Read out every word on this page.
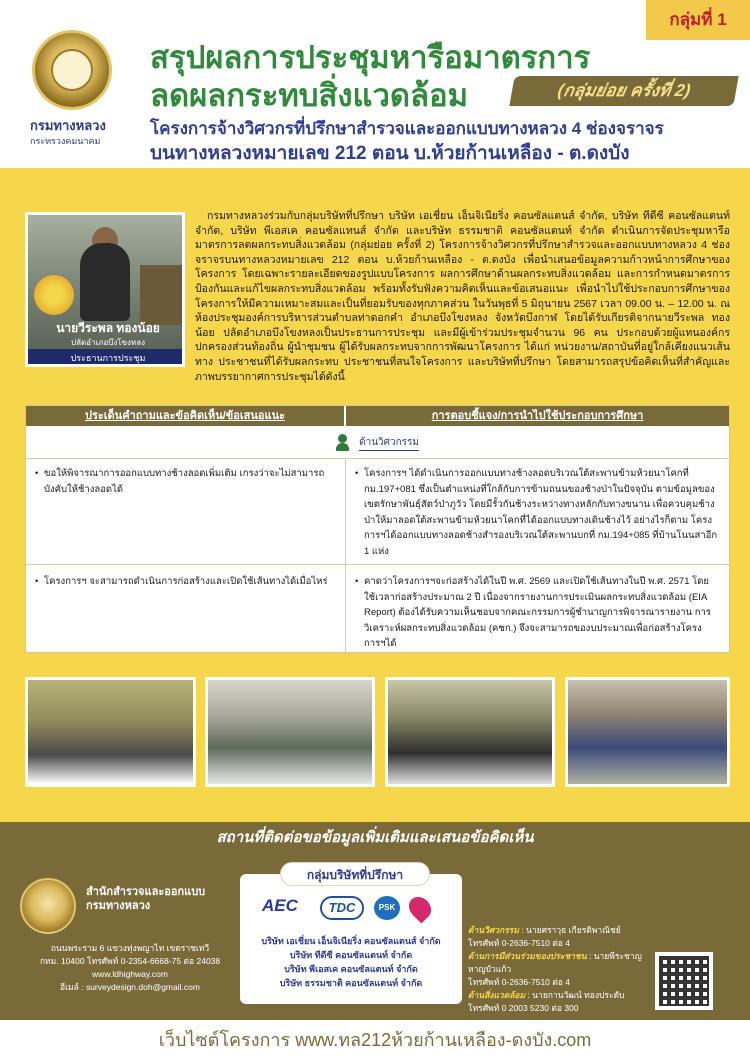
กรมทางหลวง
กระทรวงคมนาคม
กลุ่มที่ 1
สรุปผลการประชุมหารือมาตรการ
ลดผลกระทบสิ่งแวดล้อม	(กลุ่มย่อย ครั้งที่ 2)
โครงการจ้างวิศวกรที่ปรึกษาสำรวจและออกแบบทางหลวง 4 ช่องจราจร
บนทางหลวงหมายเลข 212 ตอน บ.ห้วยก้านเหลือง - ต.ดงบัง
นายวีระพล ทองน้อย
ปลัดอำเภอบึงโขงหลง
ประธานการประชุม
กรมทางหลวงร่วมกับกลุ่มบริษัทที่ปรึกษา บริษัท เอเชี่ยน เอ็นจิเนียริ่ง คอนซัลแตนส์ จำกัด, บริษัท ทีดีซี คอนซัลแตนท์ จำกัด, บริษัท พีเอสเค คอนซัลแทนส์ จำกัด และบริษัท ธรรมชาติ คอนซัลแตนท์ จำกัด ดำเนินการจัดประชุมหารือมาตรการลดผลกระทบสิ่งแวดล้อม (กลุ่มย่อย ครั้งที่ 2) โครงการจ้างวิศวกรที่ปรึกษาสำรวจและออกแบบทางหลวง 4 ช่องจราจรบนทางหลวงหมายเลข 212 ตอน บ.ห้วยก้านเหลือง - ต.ดงบัง เพื่อนำเสนอข้อมูลความก้าวหน้าการศึกษาของโครงการ โดยเฉพาะรายละเอียดของรูปแบบโครงการ ผลการศึกษาด้านผลกระทบสิ่งแวดล้อม และการกำหนดมาตรการป้องกันและแก้ไขผลกระทบสิ่งแวดล้อม พร้อมทั้งรับฟังความคิดเห็นและข้อเสนอแนะ เพื่อนำไปใช้ประกอบการศึกษาของโครงการให้มีความเหมาะสมและเป็นที่ยอมรับของทุกภาคส่วน ในวันพุธที่ 5 มิถุนายน 2567 เวลา 09.00 น. – 12.00 น. ณ ห้องประชุมองค์การบริหารส่วนตำบลท่าดอกคำ อำเภอบึงโขงหลง จังหวัดบึงกาฬ โดยได้รับเกียรติจากนายวีระพล ทองน้อย ปลัดอำเภอบึงโขงหลงเป็นประธานการประชุม และมีผู้เข้าร่วมประชุมจำนวน 96 คน ประกอบด้วยผู้แทนองค์กรปกครองส่วนท้องถิ่น ผู้นำชุมชน ผู้ได้รับผลกระทบจากการพัฒนาโครงการ ได้แก่ หน่วยงาน/สถาบันที่อยู่ใกล้เคียงแนวเส้นทาง ประชาชนที่ได้รับผลกระทบ ประชาชนที่สนใจโครงการ และบริษัทที่ปรึกษา โดยสามารถสรุปข้อคิดเห็นที่สำคัญและภาพบรรยากาศการประชุมได้ดังนี้
ประเด็นคำถามและข้อคิดเห็น/ข้อเสนอแนะ	การตอบชี้แจง/การนำไปใช้ประกอบการศึกษา
ด้านวิศวกรรม
• ขอให้พิจารณาการออกแบบทางช้างลอดเพิ่มเติม เกรงว่าจะไม่สามารถบังคับให้ช้างลอดได้
• โครงการฯ ได้ดำเนินการออกแบบทางช้างลอดบริเวณใต้สะพานข้ามห้วยนาโคกที่ กม.197+081 ซึ่งเป็นตำแหน่งที่ใกล้กับการข้ามถนนของช้างป่าในปัจจุบัน ตามข้อมูลของเขตรักษาพันธุ์สัตว์ป่าภูวัว โดยมีรั้วกันช้างระหว่างทางหลักกับทางขนาน เพื่อควบคุมช้างป่าให้มาลอดใต้สะพานข้ามห้วยนาโคกที่ได้ออกแบบทางเดินช้างไว้ อย่างไรก็ตาม โครงการฯได้ออกแบบทางลอดช้างสำรองบริเวณใต้สะพานบกที่ กม.194+085 ที่บ้านโนนสาอีก 1 แห่ง
• โครงการฯ จะสามารถดำเนินการก่อสร้างและเปิดใช้เส้นทางได้เมื่อไหร่
•	คาดว่าโครงการฯจะก่อสร้างได้ในปี พ.ศ. 2569 และเปิดใช้เส้นทางในปี พ.ศ. 2571 โดยใช้เวลาก่อสร้างประมาณ 2 ปี เนื่องจากรายงานการประเมินผลกระทบสิ่งแวดล้อม (EIA Report) ต้องได้รับความเห็นชอบจากคณะกรรมการผู้ชำนาญการพิจารณารายงาน การวิเคราะห์ผลกระทบสิ่งแวดล้อม (คชก.) จึงจะสามารถของบประมาณเพื่อก่อสร้างโครงการฯได้
สถานที่ติดต่อขอข้อมูลเพิ่มเติมและเสนอข้อคิดเห็น
สำนักสำรวจและออกแบบ
กรมทางหลวง
ถนนพระราม 6 แขวงทุ่งพญาไท เขตราชเทวี
กทม. 10400 โทรศัพท์ 0-2354-6668-75 ต่อ 24038
www.ldhighway.com
อีเมล์ : surveydesign.doh@gmail.com
กลุ่มบริษัทที่ปรึกษา
AEC	TDC	PSK
บริษัท เอเชี่ยน เอ็นจิเนียริ่ง คอนซัลแตนส์ จำกัด
บริษัท ทีดีซี คอนซัลแตนท์ จำกัด
บริษัท พีเอสเค คอนซัลแตนท์ จำกัด
บริษัท ธรรมชาติ คอนซัลแตนท์ จำกัด
ด้านวิศวกรรม : นายศราวุธ เกียรติพาณิชย์
โทรศัพท์ 0-2636-7510 ต่อ 4
ด้านการมีส่วนร่วมของประชาชน : นายพีระชาญ หาญบัวแก้ว
โทรศัพท์ 0-2636-7510 ต่อ 4
ด้านสิ่งแวดล้อม : นายกานวัฒน์ ทองประดับ
โทรศัพท์ 0 2003 5230 ต่อ 300
เว็บไซต์โครงการ www.ทล212ห้วยก้านเหลือง-ดงบัง.com
